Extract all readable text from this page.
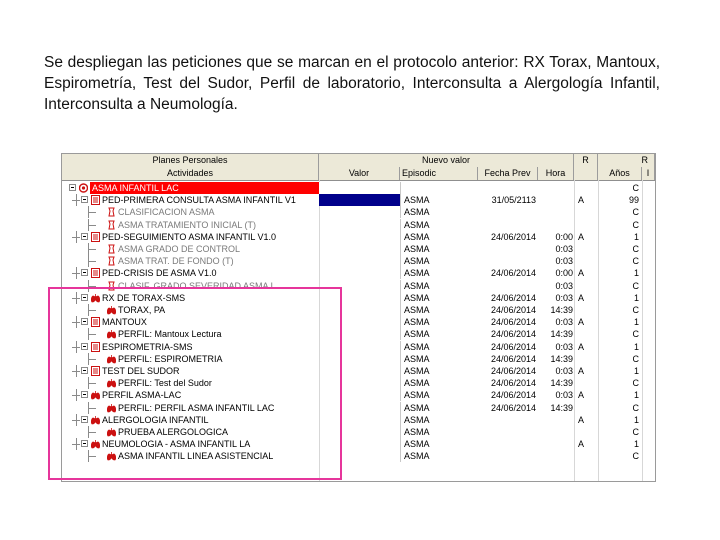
Se despliegan las peticiones que se marcan en el protocolo anterior: RX Torax, Mantoux, Espirometría, Test del Sudor, Perfil de laboratorio, Interconsulta a Alergología Infantil, Interconsulta a Neumología.
Planes Personales
Actividades
Nuevo valor
Valor	Episodic	Fecha Prev	Hora
R	R
Años	I
ASMA INFANTIL LAC	C
PED-PRIMERA CONSULTA ASMA INFANTIL V1	ASMA	31/05/2113	A	99
CLASIFICACION ASMA	ASMA	C
ASMA TRATAMIENTO INICIAL (T)	ASMA	C
PED-SEGUIMIENTO ASMA INFANTIL V1.0	ASMA	24/06/2014	0:00 A	1
ASMA GRADO DE CONTROL	ASMA	0:03	C
ASMA TRAT. DE FONDO (T)	ASMA	0:03	C
PED-CRISIS DE ASMA V1.0	ASMA	24/06/2014	0:00 A	1
CLASIF. GRADO SEVERIDAD ASMA I	ASMA	0:03	C
RX DE TORAX-SMS	ASMA	24/06/2014	0:03 A	1
TORAX, PA	ASMA	24/06/2014	14:39	C
MANTOUX	ASMA	24/06/2014	0:03 A	1
PERFIL: Mantoux Lectura	ASMA	24/06/2014	14:39	C
ESPIROMETRIA-SMS	ASMA	24/06/2014	0:03 A	1
PERFIL: ESPIROMETRIA	ASMA	24/06/2014	14:39	C
TEST DEL SUDOR	ASMA	24/06/2014	0:03 A	1
PERFIL: Test del Sudor	ASMA	24/06/2014	14:39	C
PERFIL ASMA-LAC	ASMA	24/06/2014	0:03 A	1
PERFIL: PERFIL ASMA INFANTIL LAC	ASMA	24/06/2014	14:39	C
ALERGOLOGIA INFANTIL	ASMA	A	1
PRUEBA ALERGOLOGICA	ASMA	C
NEUMOLOGIA - ASMA INFANTIL LA	ASMA	A	1
ASMA INFANTIL LINEA ASISTENCIAL	ASMA	C
